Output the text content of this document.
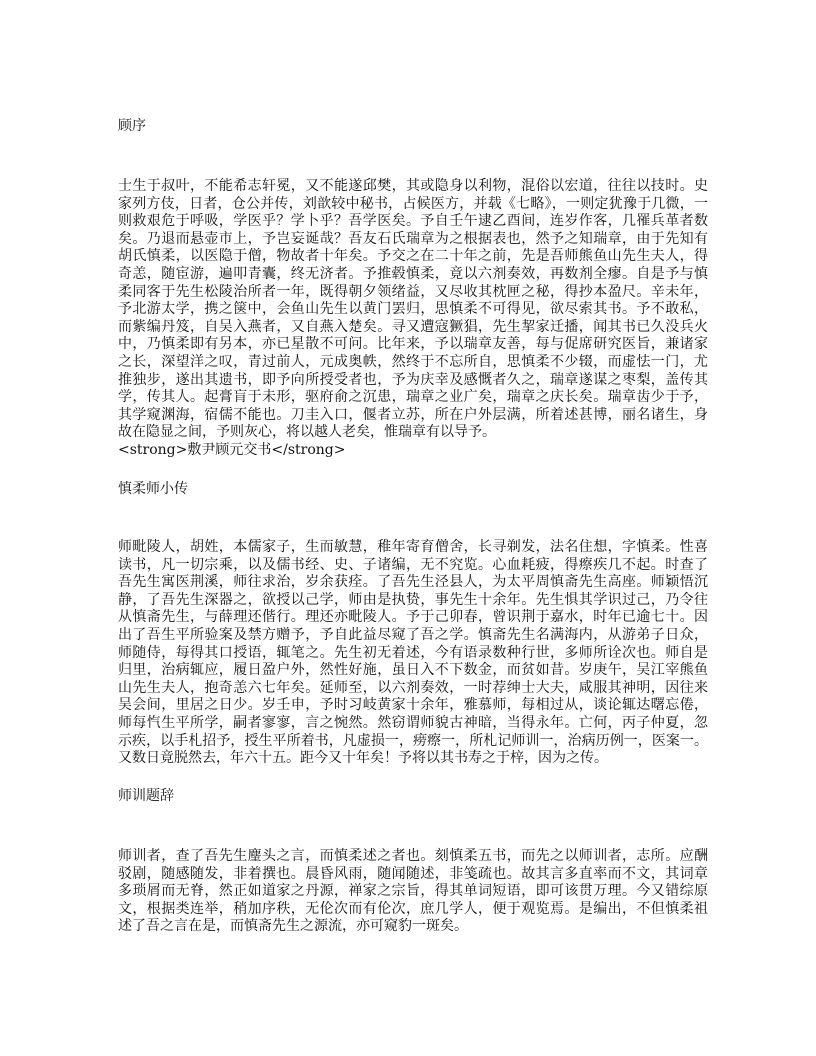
顾序
士生于叔叶，不能希志轩冕，又不能遂邱樊，其或隐身以利物，混俗以宏道，往往以技时。史
家列方伎，日者，仓公并传，刘歆较中秘书，占候医方，并载《七略》，一则定犹豫于几微，一
则救艰危于呼吸，学医乎？学卜乎？吾学医矣。予自壬午逮乙酉间，连岁作客，几罹兵革者数
矣。乃退而悬壶市上，予岂妄诞哉？吾友石氏瑞章为之根据表也，然予之知瑞章，由于先知有
胡氏慎柔，以医隐于僧，物故者十年矣。予交之在二十年之前，先是吾师熊鱼山先生夫人，得
奇恙，随宦游，遍叩青囊，终无济者。予推毂慎柔，竟以六剂奏效，再数剂全瘳。自是予与慎
柔同客于先生松陵治所者一年，既得朝夕领绪益，又尽收其枕匣之秘，得抄本盈尺。辛未年，
予北游太学，携之箧中，会鱼山先生以黄门罢归，思慎柔不可得见，欲尽索其书。予不敢私，
而紫编丹笈，自吴入燕者，又自燕入楚矣。寻又遭寇獗猖，先生挈家迁播，闻其书已久没兵火
中，乃慎柔即有另本，亦已星散不可问。比年来，予以瑞章友善，每与促席研究医旨，兼诸家
之长，深望洋之叹，青过前人，元成奥帙，然终于不忘所自，思慎柔不少辍，而虚怯一门，尤
推独步，遂出其遗书，即予向所授受者也，予为庆幸及感慨者久之，瑞章遂谋之枣梨，盖传其
学，传其人。起膏肓于未形，驱府俞之沉患，瑞章之业广矣，瑞章之庆长矣。瑞章齿少于予，
其学窥渊海，宿儒不能也。刀圭入口，偃者立苏，所在户外层满，所着述甚博，丽名诸生，身
故在隐显之间，予则灰心，将以越人老矣，惟瑞章有以导予。
<strong>敷尹顾元交书</strong>
慎柔师小传
师毗陵人，胡姓，本儒家子，生而敏慧，稚年寄育僧舍，长寻剃发，法名住想，字慎柔。性喜
读书，凡一切宗乘，以及儒书经、史、子诸编，无不究览。心血耗疲，得瘵疾几不起。时查了
吾先生寓医荆溪，师往求治，岁余获痊。了吾先生泾县人，为太平周慎斋先生高座。师颖悟沉
静，了吾先生深器之，欲授以己学，师由是执贽，事先生十余年。先生惧其学识过己，乃令往
从慎斋先生，与薛理还偕行。理还亦毗陵人。予于己卯春，曾识荆于嘉水，时年已逾七十。因
出了吾生平所验案及禁方赠予，予自此益尽窥了吾之学。慎斋先生名满海内，从游弟子日众，
师随侍，每得其口授语，辄笔之。先生初无着述，今有语录数种行世，多师所诠次也。师自是
归里，治病辄应，履日盈户外，然性好施，虽日入不下数金，而贫如昔。岁庚午，吴江宰熊鱼
山先生夫人，抱奇恙六七年矣。延师至，以六剂奏效，一时荐绅士大夫，咸服其神明，因往来
吴会间，里居之日少。岁壬申，予时习岐黄家十余年，雅慕师，每相过从，谈论辄达曙忘倦，
师每忾生平所学，嗣者寥寥，言之惋然。然窃谓师貌古神暗，当得永年。亡何，丙子仲夏，忽
示疾，以手札招予，授生平所着书，凡虚损一，痨瘵一，所札记师训一，治病历例一，医案一。
又数日竟脱然去，年六十五。距今又十年矣！予将以其书寿之于梓，因为之传。
师训题辞
师训者，查了吾先生麈头之言，而慎柔述之者也。刻慎柔五书，而先之以师训者，志所。应酬
驳剧，随感随发，非着撰也。晨昏风雨，随闻随述，非笺疏也。故其言多直率而不文，其词章
多琐屑而无脊，然正如道家之丹源，禅家之宗旨，得其单词短语，即可该贯万理。今又错综原
文，根据类连举，稍加序秩，无伦次而有伦次，庶几学人，便于观览焉。是编出，不但慎柔祖
述了吾之言在是，而慎斋先生之源流，亦可窥豹一斑矣。
